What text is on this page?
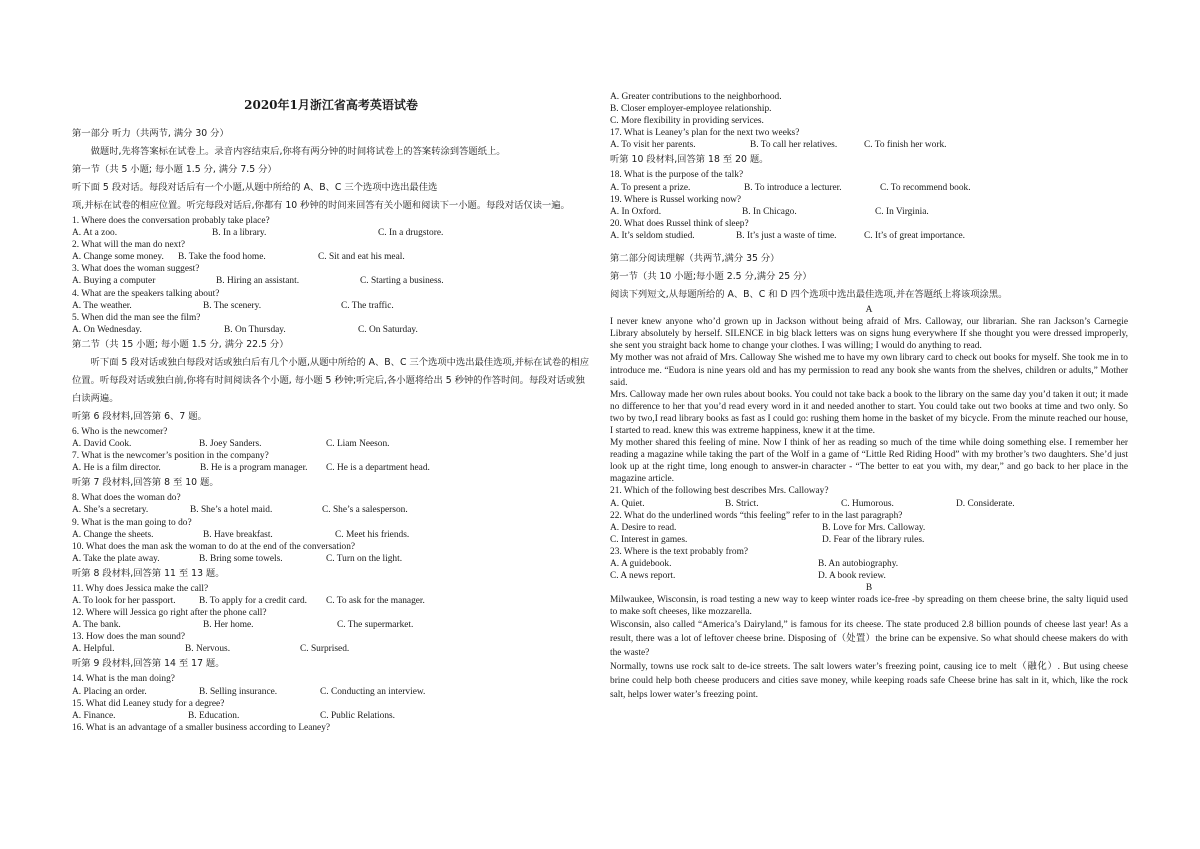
2020年1月浙江省高考英语试卷
第一部分 听力（共两节, 满分 30 分）
做题时,先将答案标在试卷上。录音内容结束后,你将有两分钟的时间将试卷上的答案转涂到答题纸上。
第一节（共 5 小题; 每小题 1.5 分, 满分 7.5 分）
听下面 5 段对话。每段对话后有一个小题,从题中所给的 A、B、C 三个选项中选出最佳选
项,并标在试卷的相应位置。听完每段对话后,你都有 10 秒钟的时间来回答有关小题和阅读下一小题。每段对话仅读一遍。
1. Where does the conversation probably take place?
A. At a zoo.	B. In a library.	C. In a drugstore.
2. What will the man do next?
A. Change some money.	B. Take the food home.	C. Sit and eat his meal.
3. What does the woman suggest?
A. Buying a computer	B. Hiring an assistant.	C. Starting a business.
4. What are the speakers talking about?
A. The weather.	B. The scenery.	C. The traffic.
5. When did the man see the film?
A. On Wednesday.	B. On Thursday.	C. On Saturday.
第二节（共 15 小题; 每小题 1.5 分, 满分 22.5 分）
听下面 5 段对话或独白每段对话或独白后有几个小题,从题中所给的 A、B、C 三个选项中选出最佳选项,并标在试卷的相应位置。听每段对话或独白前,你将有时间阅读各个小题, 每小题 5 秒钟;听完后,各小题将给出 5 秒钟的作答时间。每段对话或独白读两遍。
听第 6 段材料,回答第 6、7 题。
6. Who is the newcomer?
A. David Cook.	B. Joey Sanders.	C. Liam Neeson.
7. What is the newcomer’s position in the company?
A. He is a film director.	B. He is a program manager.	C. He is a department head.
听第 7 段材料,回答第 8 至 10 题。
8. What does the woman do?
A. She’s a secretary.	B. She’s a hotel maid.	C. She’s a salesperson.
9. What is the man going to do?
A. Change the sheets.	B. Have breakfast.	C. Meet his friends.
10. What does the man ask the woman to do at the end of the conversation?
A. Take the plate away.	B. Bring some towels.	C. Turn on the light.
听第 8 段材料,回答第 11 至 13 题。
11. Why does Jessica make the call?
A. To look for her passport.	B. To apply for a credit card.	C. To ask for the manager.
12. Where will Jessica go right after the phone call?
A. The bank.	B. Her home.	C. The supermarket.
13. How does the man sound?
A. Helpful.	B. Nervous.	C. Surprised.
听第 9 段材料,回答第 14 至 17 题。
14. What is the man doing?
A. Placing an order.	B. Selling insurance.	C. Conducting an interview.
15. What did Leaney study for a degree?
A. Finance.	B. Education.	C. Public Relations.
16. What is an advantage of a smaller business according to Leaney?
A. Greater contributions to the neighborhood.
B. Closer employer-employee relationship.
C. More flexibility in providing services.
17. What is Leaney’s plan for the next two weeks?
A. To visit her parents.	B. To call her relatives.	C. To finish her work.
听第 10 段材料,回答第 18 至 20 题。
18. What is the purpose of the talk?
A. To present a prize.	B. To introduce a lecturer.	C. To recommend book.
19. Where is Russel working now?
A. In Oxford.	B. In Chicago.	C. In Virginia.
20. What does Russel think of sleep?
A. It’s seldom studied.	B. It’s just a waste of time.	C. It’s of great importance.
第二部分阅读理解（共两节,满分 35 分）
第一节（共 10 小题;每小题 2.5 分,满分 25 分）
阅读下列短文,从每题所给的 A、B、C 和 D 四个选项中选出最佳选项,并在答题纸上将该项涂黑。
A
I never knew anyone who’d grown up in Jackson without being afraid of Mrs. Calloway, our librarian. She ran Jackson’s Carnegie Library absolutely by herself. SILENCE in big black letters was on signs hung everywhere If she thought you were dressed improperly, she sent you straight back home to change your clothes. I was willing; I would do anything to read.
My mother was not afraid of Mrs. Calloway She wished me to have my own library card to check out books for myself. She took me in to introduce me. “Eudora is nine years old and has my permission to read any book she wants from the shelves, children or adults,” Mother said.
Mrs. Calloway made her own rules about books. You could not take back a book to the library on the same day you’d taken it out; it made no difference to her that you’d read every word in it and needed another to start. You could take out two books at time and two only. So two by two,I read library books as fast as I could go: rushing them home in the basket of my bicycle. From the minute reached our house, I started to read. knew this was extreme happiness, knew it at the time.
My mother shared this feeling of mine. Now I think of her as reading so much of the time while doing something else. I remember her reading a magazine while taking the part of the Wolf in a game of “Little Red Riding Hood” with my brother’s two daughters. She’d just look up at the right time, long enough to answer-in character - “The better to eat you with, my dear,” and go back to her place in the magazine article.
21. Which of the following best describes Mrs. Calloway?
A. Quiet.	B. Strict.	C. Humorous.	D. Considerate.
22. What do the underlined words “this feeling” refer to in the last paragraph?
A. Desire to read.	B. Love for Mrs. Calloway.
C. Interest in games.	D. Fear of the library rules.
23. Where is the text probably from?
A. A guidebook.	B. An autobiography.
C. A news report.	D. A book review.
B
Milwaukee, Wisconsin, is road testing a new way to keep winter roads ice-free -by spreading on them cheese brine, the salty liquid used to make soft cheeses, like mozzarella.
Wisconsin, also called “America’s Dairyland,” is famous for its cheese. The state produced 2.8 billion pounds of cheese last year! As a result, there was a lot of leftover cheese brine. Disposing of（处置）the brine can be expensive. So what should cheese makers do with the waste?
Normally, towns use rock salt to de-ice streets. The salt lowers water’s freezing point, causing ice to melt（融化）. But using cheese brine could help both cheese producers and cities save money, while keeping roads safe Cheese brine has salt in it, which, like the rock salt, helps lower water’s freezing point.
